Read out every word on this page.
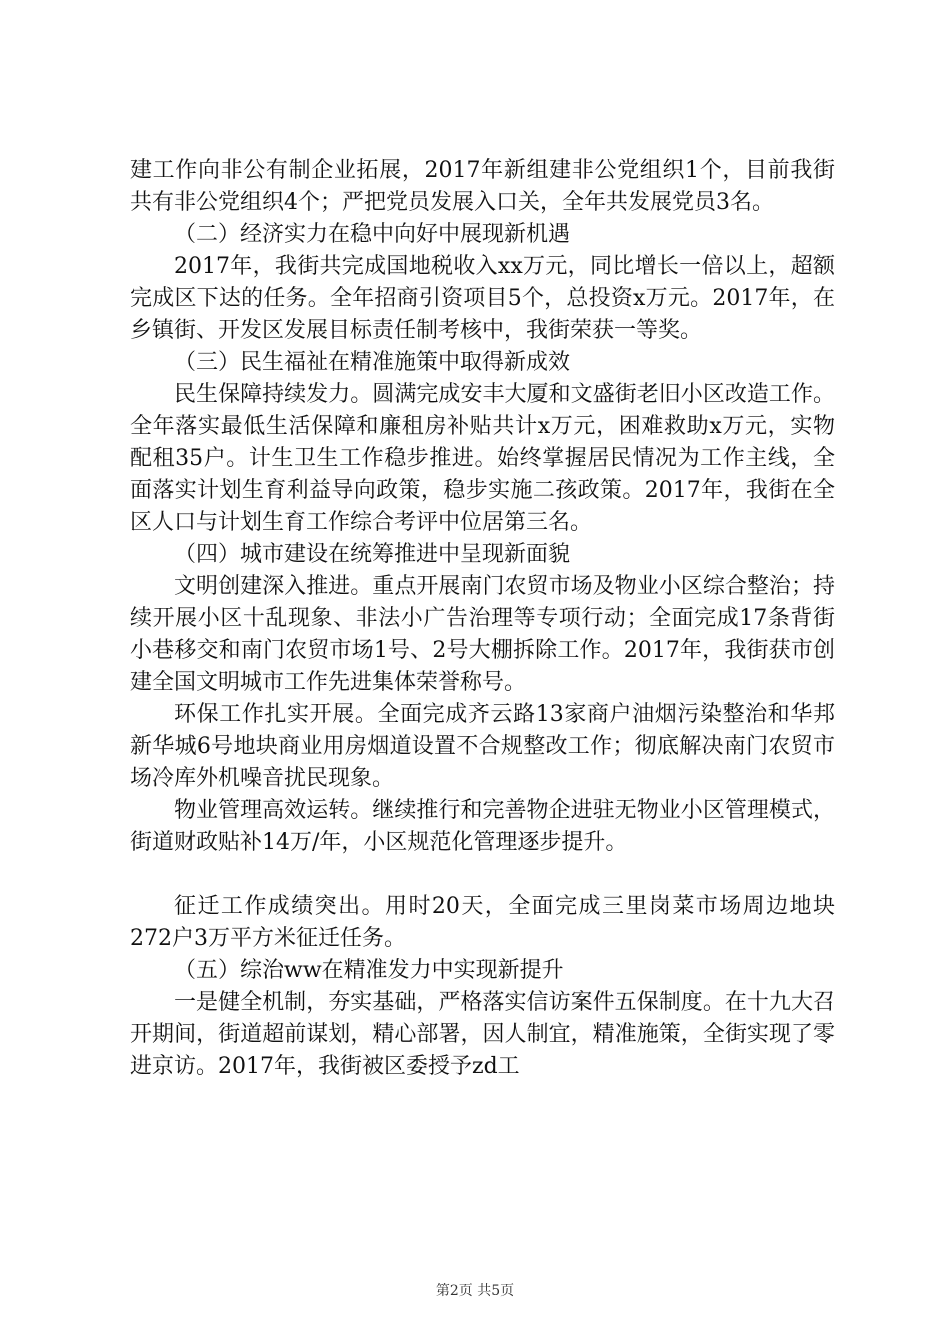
建工作向非公有制企业拓展，2017年新组建非公党组织1个，目前我街共有非公党组织4个；严把党员发展入口关，全年共发展党员3名。

（二）经济实力在稳中向好中展现新机遇

2017年，我街共完成国地税收入xx万元，同比增长一倍以上，超额完成区下达的任务。全年招商引资项目5个，总投资x万元。2017年，在乡镇街、开发区发展目标责任制考核中，我街荣获一等奖。

（三）民生福祉在精准施策中取得新成效

民生保障持续发力。圆满完成安丰大厦和文盛街老旧小区改造工作。全年落实最低生活保障和廉租房补贴共计x万元，困难救助x万元，实物配租35户。计生卫生工作稳步推进。始终掌握居民情况为工作主线，全面落实计划生育利益导向政策，稳步实施二孩政策。2017年，我街在全区人口与计划生育工作综合考评中位居第三名。

（四）城市建设在统筹推进中呈现新面貌

文明创建深入推进。重点开展南门农贸市场及物业小区综合整治；持续开展小区十乱现象、非法小广告治理等专项行动；全面完成17条背街小巷移交和南门农贸市场1号、2号大棚拆除工作。2017年，我街获市创建全国文明城市工作先进集体荣誉称号。

环保工作扎实开展。全面完成齐云路13家商户油烟污染整治和华邦新华城6号地块商业用房烟道设置不合规整改工作；彻底解决南门农贸市场冷库外机噪音扰民现象。

物业管理高效运转。继续推行和完善物企进驻无物业小区管理模式，街道财政贴补14万/年，小区规范化管理逐步提升。

征迁工作成绩突出。用时20天，全面完成三里岗菜市场周边地块272户3万平方米征迁任务。

（五）综治ww在精准发力中实现新提升

一是健全机制，夯实基础，严格落实信访案件五保制度。在十九大召开期间，街道超前谋划，精心部署，因人制宜，精准施策，全街实现了零进京访。2017年，我街被区委授予zd工

第2页 共5页
